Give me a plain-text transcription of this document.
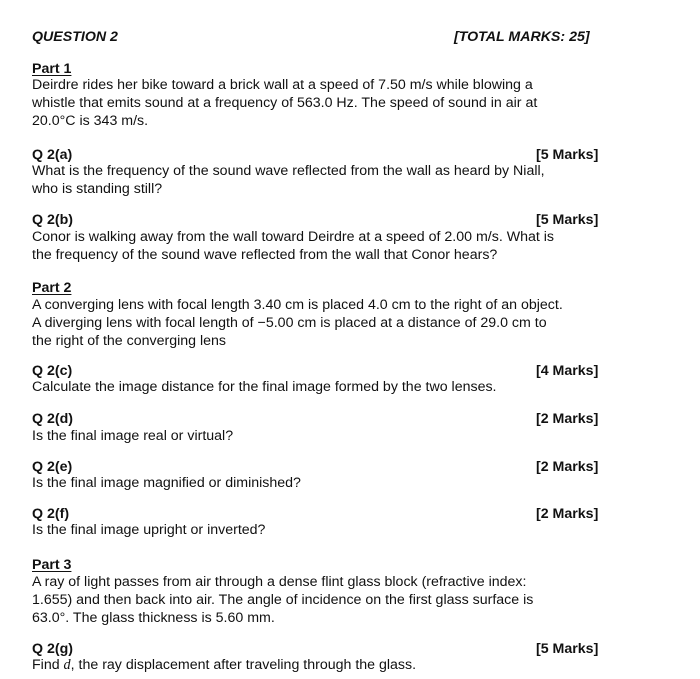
QUESTION 2	[TOTAL MARKS: 25]
Part 1
Deirdre rides her bike toward a brick wall at a speed of 7.50 m/s while blowing a
whistle that emits sound at a frequency of 563.0 Hz. The speed of sound in air at
20.0°C is 343 m/s.
Q 2(a)	[5 Marks]
What is the frequency of the sound wave reflected from the wall as heard by Niall,
who is standing still?
Q 2(b)	[5 Marks]
Conor is walking away from the wall toward Deirdre at a speed of 2.00 m/s. What is
the frequency of the sound wave reflected from the wall that Conor hears?
Part 2
A converging lens with focal length 3.40 cm is placed 4.0 cm to the right of an object.
A diverging lens with focal length of −5.00 cm is placed at a distance of 29.0 cm to
the right of the converging lens
Q 2(c)	[4 Marks]
Calculate the image distance for the final image formed by the two lenses.
Q 2(d)	[2 Marks]
Is the final image real or virtual?
Q 2(e)	[2 Marks]
Is the final image magnified or diminished?
Q 2(f)	[2 Marks]
Is the final image upright or inverted?
Part 3
A ray of light passes from air through a dense flint glass block (refractive index:
1.655) and then back into air. The angle of incidence on the first glass surface is
63.0°. The glass thickness is 5.60 mm.
Q 2(g)	[5 Marks]
Find d, the ray displacement after traveling through the glass.
